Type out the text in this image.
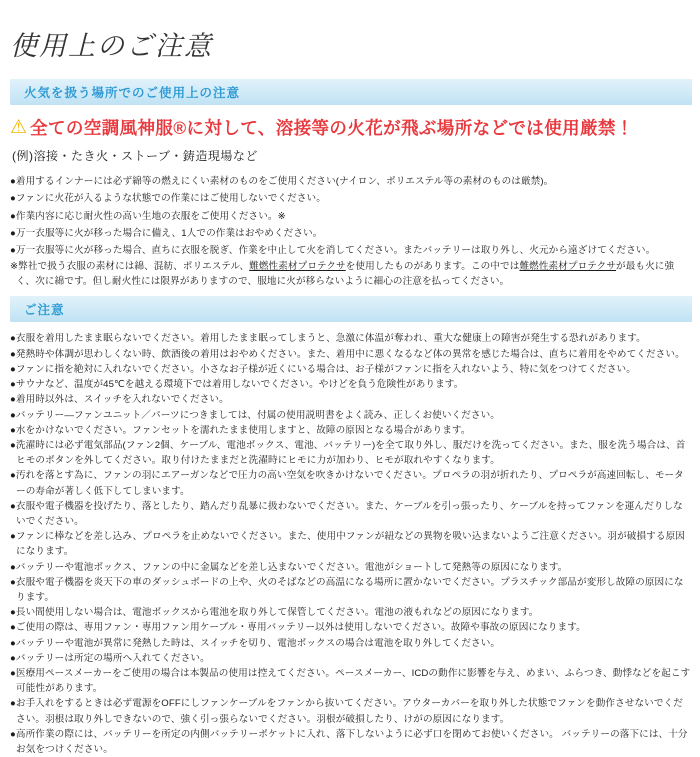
使用上のご注意
火気を扱う場所でのご使用上の注意
⚠ 全ての空調風神服®に対して、溶接等の火花が飛ぶ場所などでは使用厳禁！
(例)溶接・たき火・ストーブ・鋳造現場など
●着用するインナーには必ず綿等の燃えにくい素材のものをご使用ください(ナイロン、ポリエステル等の素材のものは厳禁)。
●ファンに火花が入るような状態での作業にはご使用しないでください。
●作業内容に応じ耐火性の高い生地の衣服をご使用ください。※
●万一衣服等に火が移った場合に備え、1人での作業はおやめください。
●万一衣服等に火が移った場合、直ちに衣服を脱ぎ、作業を中止して火を消してください。またバッテリーは取り外し、火元から遠ざけてください。

※弊社で扱う衣服の素材には綿、混紡、ポリエステル、難燃性素材プロテクサを使用したものがあります。この中では難燃性素材プロテクサが最も火に強く、次に綿です。但し耐火性には限界がありますので、服地に火が移らないように細心の注意を払ってください。

ご注意
●衣服を着用したまま眠らないでください。着用したまま眠ってしまうと、急激に体温が奪われ、重大な健康上の障害が発生する恐れがあります。
●発熱時や体調が思わしくない時、飲酒後の着用はおやめください。また、着用中に悪くなるなど体の異常を感じた場合は、直ちに着用をやめてください。
●ファンに指を絶対に入れないでください。小さなお子様が近くにいる場合は、お子様がファンに指を入れないよう、特に気をつけてください。
●サウナなど、温度が45℃を越える環境下では着用しないでください。やけどを負う危険性があります。
●着用時以外は、スイッチを入れないでください。
●バッテリー―ファンユニット／パーツにつきましては、付属の使用説明書をよく読み、正しくお使いください。
●水をかけないでください。ファンセットを濡れたまま使用しますと、故障の原因となる場合があります。
●洗濯時には必ず電気部品(ファン2個、ケーブル、電池ボックス、電池、バッテリー)を全て取り外し、服だけを洗ってください。また、服を洗う場合は、首ヒモのボタンを外してください。取り付けたままだと洗濯時にヒモに力が加わり、ヒモが取れやすくなります。
●汚れを落とす為に、ファンの羽にエアーガンなどで圧力の高い空気を吹きかけないでください。プロペラの羽が折れたり、プロペラが高速回転し、モーターの寿命が著しく低下してしまいます。
●衣服や電子機器を投げたり、落としたり、踏んだり乱暴に扱わないでください。また、ケーブルを引っ張ったり、ケーブルを持ってファンを運んだりしないでください。
●ファンに棒などを差し込み、プロペラを止めないでください。また、使用中ファンが紐などの異物を吸い込まないようご注意ください。羽が破損する原因になります。
●バッテリーや電池ボックス、ファンの中に金属などを差し込まないでください。電池がショートして発熱等の原因になります。
●衣服や電子機器を炎天下の車のダッシュボードの上や、火のそばなどの高温になる場所に置かないでください。プラスチック部品が変形し故障の原因になります。
●長い間使用しない場合は、電池ボックスから電池を取り外して保管してください。電池の液もれなどの原因になります。
●ご使用の際は、専用ファン・専用ファン用ケーブル・専用バッテリー以外は使用しないでください。故障や事故の原因になります。
●バッテリーや電池が異常に発熱した時は、スイッチを切り、電池ボックスの場合は電池を取り外してください。
●バッテリーは所定の場所へ入れてください。
●医療用ペースメーカーをご使用の場合は本製品の使用は控えてください。ペースメーカー、ICDの動作に影響を与え、めまい、ふらつき、動悸などを起こす可能性があります。
●お手入れをするときは必ず電源をOFFにしファンケーブルをファンから抜いてください。アウターカバーを取り外した状態でファンを動作させないでください。羽根は取り外しできないので、強く引っ張らないでください。羽根が破損したり、けがの原因になります。
●高所作業の際には、バッテリーを所定の内側バッテリーポケットに入れ、落下しないように必ず口を閉めてお使いください。 バッテリーの落下には、十分お気をつけください。
